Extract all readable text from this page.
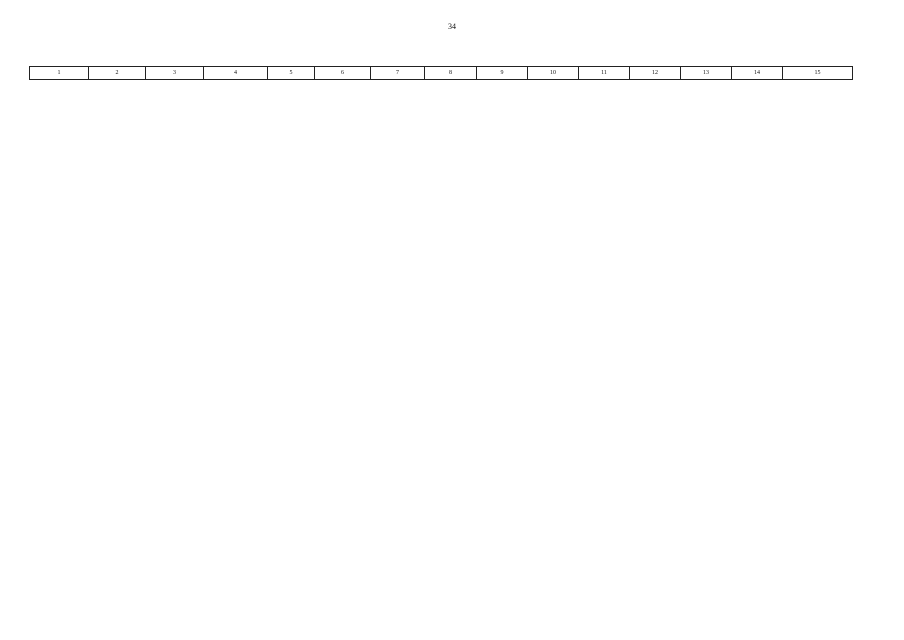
34
1	2	3	4	5	6	7	8	9	10	11	12	13	14	15
